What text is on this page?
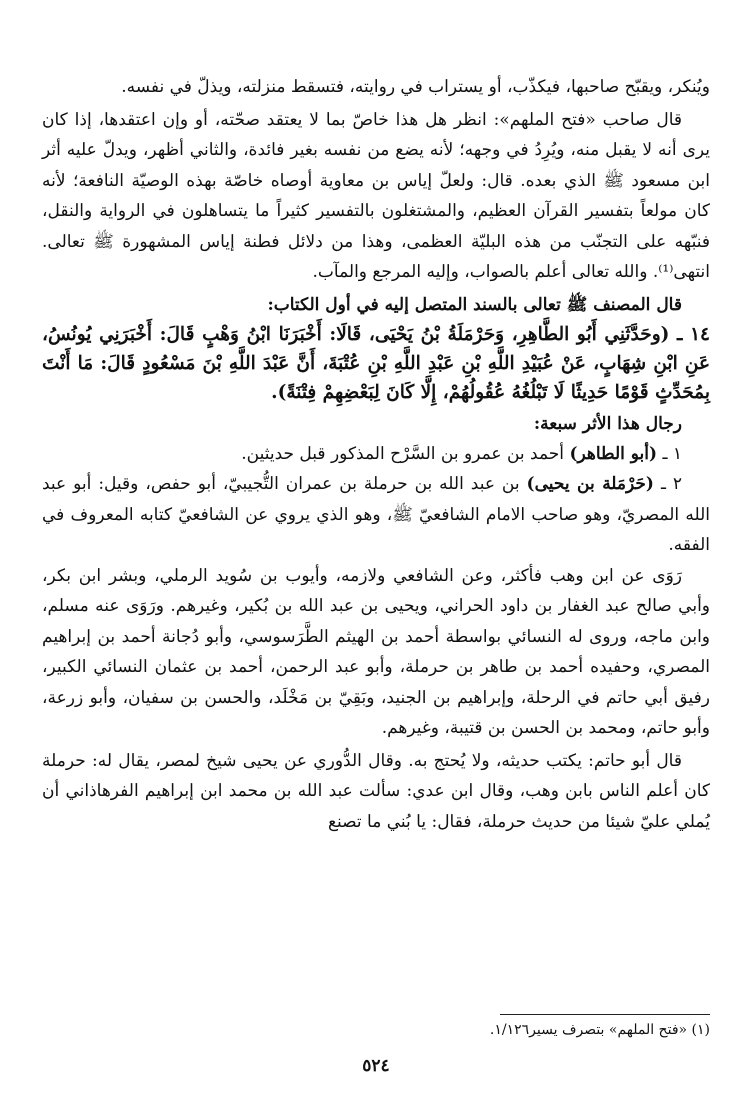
ويُنكر، ويقبّح صاحبها، فيكذّب، أو يستراب في روايته، فتسقط منزلته، ويذلّ في نفسه.

قال صاحب «فتح الملهم»: انظر هل هذا خاصّ بما لا يعتقد صحّته، أو وإن اعتقدها، إذا كان يرى أنه لا يقبل منه، ويُرِدُ في وجهه؛ لأنه يضع من نفسه بغير فائدة، والثاني أظهر، ويدلّ عليه أثر ابن مسعود ﷺ الذي بعده. قال: ولعلّ إياس بن معاوية أوصاه خاصّة بهذه الوصيّة النافعة؛ لأنه كان مولعاً بتفسير القرآن العظيم، والمشتغلون بالتفسير كثيراً ما يتساهلون في الرواية والنقل، فنبّهه على التجنّب من هذه البليّة العظمى، وهذا من دلائل فطنة إياس المشهورة ﷺ تعالى. انتهى⁽¹⁾. والله تعالى أعلم بالصواب، وإليه المرجع والمآب.

قال المصنف ﷺ تعالى بالسند المتصل إليه في أول الكتاب:

١٤ ـ (وحَدَّثَنِي أَبُو الطَّاهِرِ، وَحَرْمَلَةُ بْنُ يَحْيَى، قَالَا: أَخْبَرَنَا ابْنُ وَهْبٍ قَالَ: أَخْبَرَنِي يُونُسُ، عَنِ ابْنِ شِهَابٍ، عَنْ عُبَيْدِ اللَّهِ بْنِ عَبْدِ اللَّهِ بْنِ عُتْبَةَ، أَنَّ عَبْدَ اللَّهِ بْنَ مَسْعُودٍ قَالَ: مَا أَنْتَ بِمُحَدِّثٍ قَوْمًا حَدِيثًا لَا تَبْلُغُهُ عُقُولُهُمْ، إِلَّا كَانَ لِبَعْضِهِمْ فِتْنَةً).

رجال هذا الأثر سبعة:

١ ـ (أبو الطاهر) أحمد بن عمرو بن السَّرْح المذكور قبل حديثين.

٢ ـ (حَرْمَلة بن يحيى) بن عبد الله بن حرملة بن عمران التُّجيبيّ، أبو حفص، وقيل: أبو عبد الله المصريّ، وهو صاحب الامام الشافعيّ ﷺ، وهو الذي يروي عن الشافعيّ كتابه المعروف في الفقه.

رَوَى عن ابن وهب فأكثر، وعن الشافعي ولازمه، وأيوب بن سُويد الرملي، وبشر ابن بكر، وأبي صالح عبد الغفار بن داود الحراني، ويحيى بن عبد الله بن بُكير، وغيرهم. ورَوَى عنه مسلم، وابن ماجه، وروى له النسائي بواسطة أحمد بن الهيثم الطَّرَسوسي، وأبو دُجانة أحمد بن إبراهيم المصري، وحفيده أحمد بن طاهر بن حرملة، وأبو عبد الرحمن، أحمد بن عثمان النسائي الكبير، رفيق أبي حاتم في الرحلة، وإبراهيم بن الجنيد، وبَقِيّ بن مَخْلَد، والحسن بن سفيان، وأبو زرعة، وأبو حاتم، ومحمد بن الحسن بن قتيبة، وغيرهم.

قال أبو حاتم: يكتب حديثه، ولا يُحتج به. وقال الدُّوري عن يحيى شيخ لمصر، يقال له: حرملة كان أعلم الناس بابن وهب، وقال ابن عدي: سألت عبد الله بن محمد ابن إبراهيم الفرهاذاني أن يُملي عليّ شيئا من حديث حرملة، فقال: يا بُني ما تصنع

(١) «فتح الملهم» بتصرف يسير١/١٢٦.
٥٢٤
